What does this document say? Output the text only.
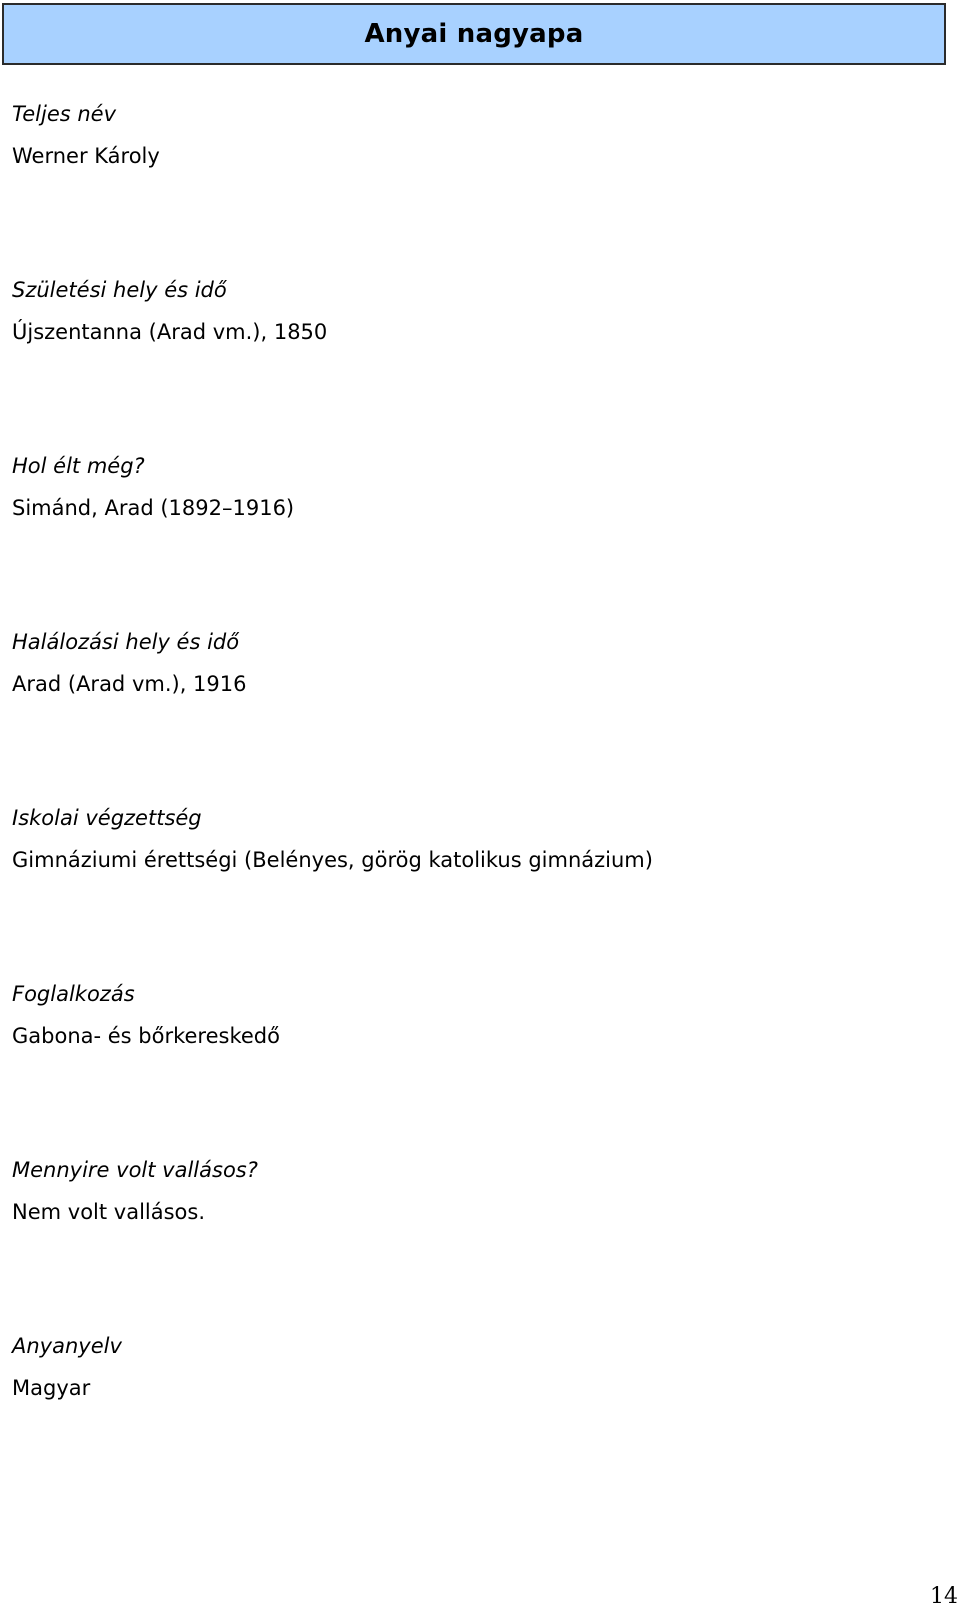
Anyai nagyapa
Teljes név
Werner Károly
Születési hely és idő
Újszentanna (Arad vm.), 1850
Hol élt még?
Simánd, Arad (1892–1916)
Halálozási hely és idő
Arad (Arad vm.), 1916
Iskolai végzettség
Gimnáziumi érettségi (Belényes, görög katolikus gimnázium)
Foglalkozás
Gabona- és bőrkereskedő
Mennyire volt vallásos?
Nem volt vallásos.
Anyanyelv
Magyar
14
